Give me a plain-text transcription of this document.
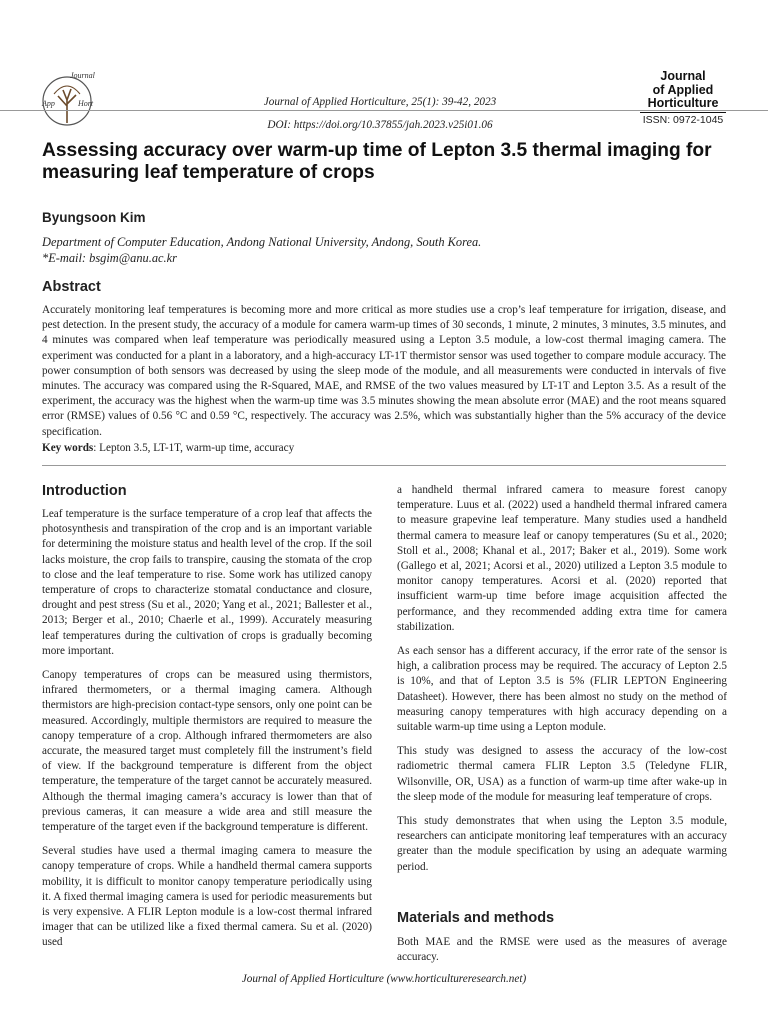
Journal
App	Hort	Journal of Applied Horticulture, 25(1): 39-42, 2023
DOI: https://doi.org/10.37855/jah.2023.v25i01.06
Journal
of Applied
Horticulture
ISSN: 0972-1045
Assessing accuracy over warm-up time of Lepton 3.5 thermal imaging for measuring leaf temperature of crops
Byungsoon Kim
Department of Computer Education, Andong National University, Andong, South Korea.
*E-mail: bsgim@anu.ac.kr
Abstract
Accurately monitoring leaf temperatures is becoming more and more critical as more studies use a crop’s leaf temperature for irrigation, disease, and pest detection. In the present study, the accuracy of a module for camera warm-up times of 30 seconds, 1 minute, 2 minutes, 3 minutes, 3.5 minutes, and 4 minutes was compared when leaf temperature was periodically measured using a Lepton 3.5 module, a low-cost thermal imaging camera. The experiment was conducted for a plant in a laboratory, and a high-accuracy LT-1T thermistor sensor was used together to compare module accuracy. The power consumption of both sensors was decreased by using the sleep mode of the module, and all measurements were conducted in intervals of five minutes. The accuracy was compared using the R-Squared, MAE, and RMSE of the two values measured by LT-1T and Lepton 3.5. As a result of the experiment, the accuracy was the highest when the warm-up time was 3.5 minutes showing the mean absolute error (MAE) and the root means squared error (RMSE) values of 0.56 °C and 0.59 °C, respectively. The accuracy was 2.5%, which was substantially higher than the 5% accuracy of the device specification.
Key words: Lepton 3.5, LT-1T, warm-up time, accuracy
Introduction

Leaf temperature is the surface temperature of a crop leaf that affects the photosynthesis and transpiration of the crop and is an important variable for determining the moisture status and health level of the crop. If the soil lacks moisture, the crop fails to transpire, causing the stomata of the crop to close and the leaf temperature to rise. Some work has utilized canopy temperature of crops to characterize stomatal conductance and closure, drought and pest stress (Su et al., 2020; Yang et al., 2021; Ballester et al., 2013; Berger et al., 2010; Chaerle et al., 1999). Accurately measuring leaf temperatures during the cultivation of crops is gradually becoming more important.

Canopy temperatures of crops can be measured using thermistors, infrared thermometers, or a thermal imaging camera. Although thermistors are high-precision contact-type sensors, only one point can be measured. Accordingly, multiple thermistors are required to measure the canopy temperature of a crop. Although infrared thermometers are also accurate, the measured target must completely fill the instrument’s field of view. If the background temperature is different from the object temperature, the temperature of the target cannot be accurately measured. Although the thermal imaging camera’s accuracy is lower than that of previous cameras, it can measure a wide area and still measure the temperature of the target even if the background temperature is different.

Several studies have used a thermal imaging camera to measure the canopy temperature of crops. While a handheld thermal camera supports mobility, it is difficult to monitor canopy temperature periodically using it. A fixed thermal imaging camera is used for periodic measurements but is very expensive. A FLIR Lepton module is a low-cost thermal infrared imager that can be utilized like a fixed thermal camera. Su et al. (2020) used

a handheld thermal infrared camera to measure forest canopy temperature. Luus et al. (2022) used a handheld thermal infrared camera to measure grapevine leaf temperature. Many studies used a handheld thermal camera to measure leaf or canopy temperatures (Su et al., 2020; Stoll et al., 2008; Khanal et al., 2017; Baker et al., 2019). Some work (Gallego et al, 2021; Acorsi et al., 2020) utilized a Lepton 3.5 module to monitor canopy temperatures. Acorsi et al. (2020) reported that insufficient warm-up time before image acquisition affected the performance, and they recommended adding extra time for camera stabilization.

As each sensor has a different accuracy, if the error rate of the sensor is high, a calibration process may be required. The accuracy of Lepton 2.5 is 10%, and that of Lepton 3.5 is 5% (FLIR LEPTON Engineering Datasheet). However, there has been almost no study on the method of measuring canopy temperatures with high accuracy depending on a suitable warm-up time using a Lepton module.

This study was designed to assess the accuracy of the low-cost radiometric thermal camera FLIR Lepton 3.5 (Teledyne FLIR, Wilsonville, OR, USA) as a function of warm-up time after wake-up in the sleep mode of the module for measuring leaf temperature of crops.

This study demonstrates that when using the Lepton 3.5 module, researchers can anticipate monitoring leaf temperatures with an accuracy greater than the module specification by using an adequate warming period.

Materials and methods

Both MAE and the RMSE were used as the measures of average accuracy.

Journal of Applied Horticulture (www.horticultureresearch.net)
